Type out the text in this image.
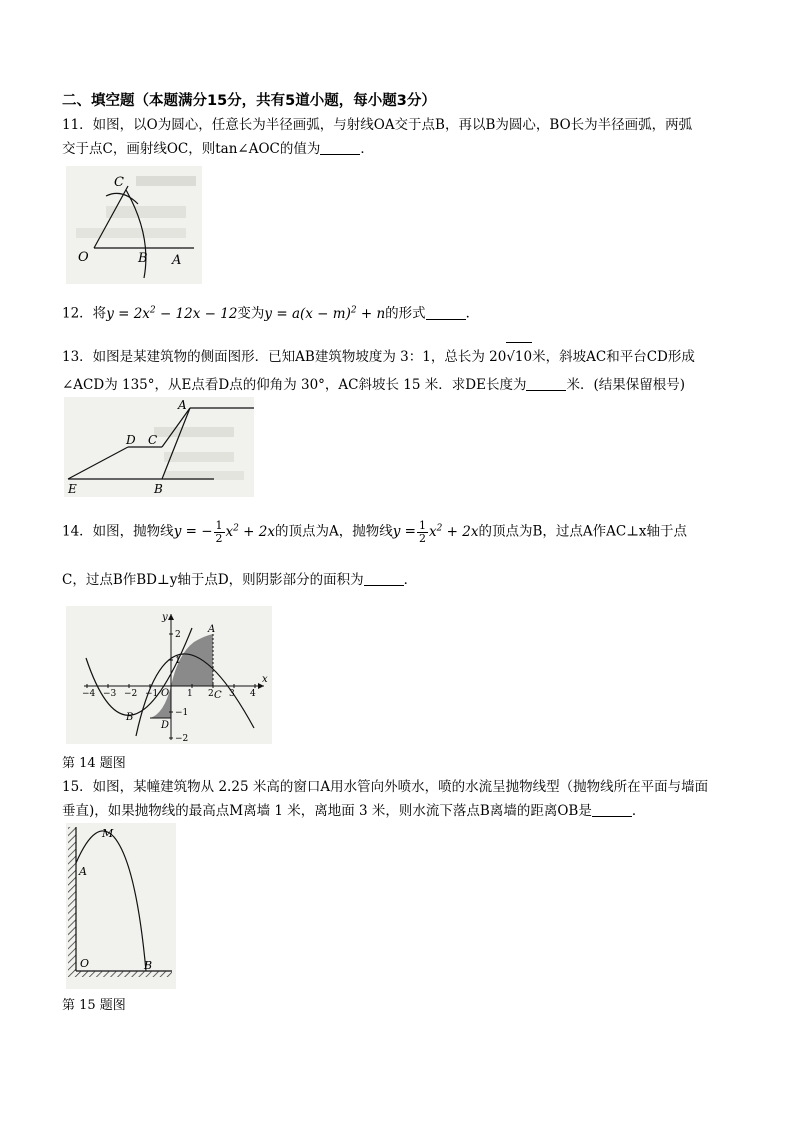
二、填空题（本题满分15分，共有5道小题，每小题3分）
11．如图，以O为圆心，任意长为半径画弧，与射线OA交于点B，再以B为圆心，BO长为半径画弧，两弧
交于点C，画射线OC，则tan∠AOC的值为	．
C
O	B A
12．将$y = 2x^2 - 12x - 12$变为$y = a(x - m)^2 + n$的形式	．
13．如图是某建筑物的侧面图形．已知AB建筑物坡度为 3：1，总长为 20√10米，斜坡AC和平台CD形成
∠ACD为 135°，从E点看D点的仰角为 30°，AC斜坡长 15 米．求DE长度为	米．(结果保留根号)
A
D C
E	B
14．如图，抛物线y = − $\frac{1}{2} x^2 + 2x$的顶点为A，抛物线$y = \frac{1}{2} x^2 + 2x$的顶点为B，过点A作AC⊥x轴于点
C，过点B作BD⊥y轴于点D，则阴影部分的面积为	．
y
x
A
B
C
D
O
−4 −3 −2 −1	1 2 3 4
2
1
−1
−2
第 14 题图
15．如图，某幢建筑物从 2.25 米高的窗口A用水管向外喷水，喷的水流呈抛物线型（抛物线所在平面与墙面
垂直)，如果抛物线的最高点M离墙 1 米，离地面 3 米，则水流下落点B离墙的距离OB是	．
M
A
O	B
第 15 题图
